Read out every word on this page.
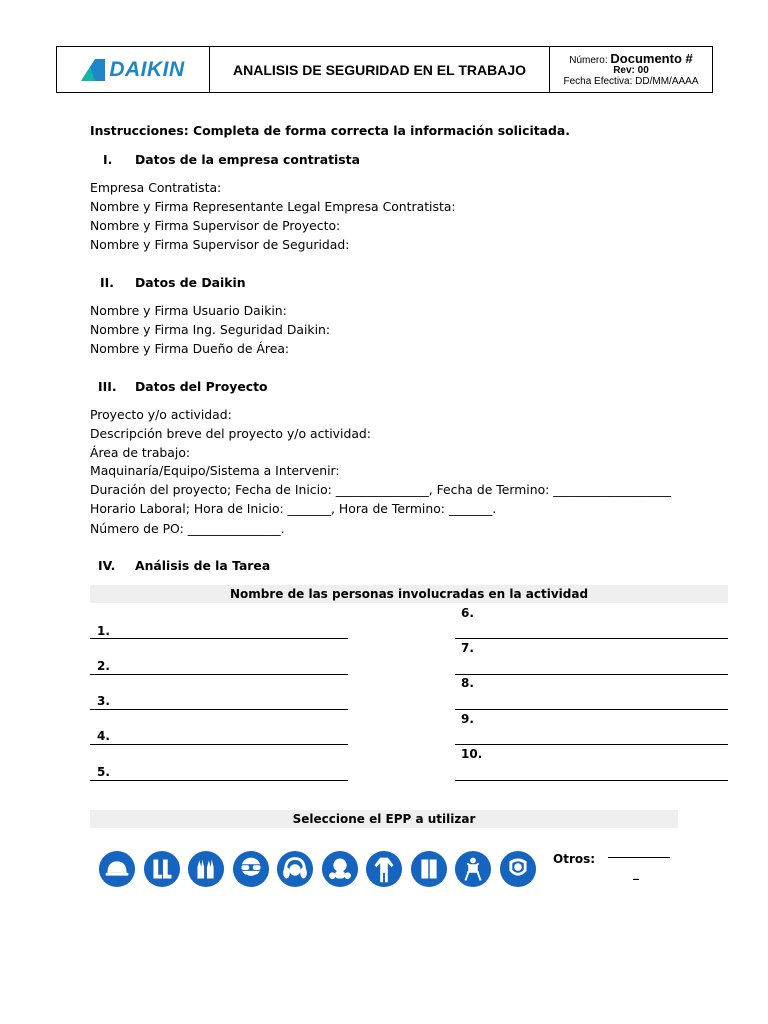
DAIKIN	ANALISIS DE SEGURIDAD EN EL TRABAJO
Número: Documento #
Rev: 00
Fecha Efectiva: DD/MM/AAAA
Instrucciones: Completa de forma correcta la información solicitada.
I. Datos de la empresa contratista
Empresa Contratista:
Nombre y Firma Representante Legal Empresa Contratista:
Nombre y Firma Supervisor de Proyecto:
Nombre y Firma Supervisor de Seguridad:
II. Datos de Daikin
Nombre y Firma Usuario Daikin:
Nombre y Firma Ing. Seguridad Daikin:
Nombre y Firma Dueño de Área:
III. Datos del Proyecto
Proyecto y/o actividad:
Descripción breve del proyecto y/o actividad:
Área de trabajo:
Maquinaría/Equipo/Sistema a Intervenir:
Duración del proyecto; Fecha de Inicio: _______________, Fecha de Termino: ___________________
Horario Laboral; Hora de Inicio: _______, Hora de Termino: _______.
Número de PO: _______________.
IV. Análisis de la Tarea
Nombre de las personas involucradas en la actividad
1.
2.
3.
4.
5.
6.
7.
8.
9.
10.
Seleccione el EPP a utilizar
Otros:
_
